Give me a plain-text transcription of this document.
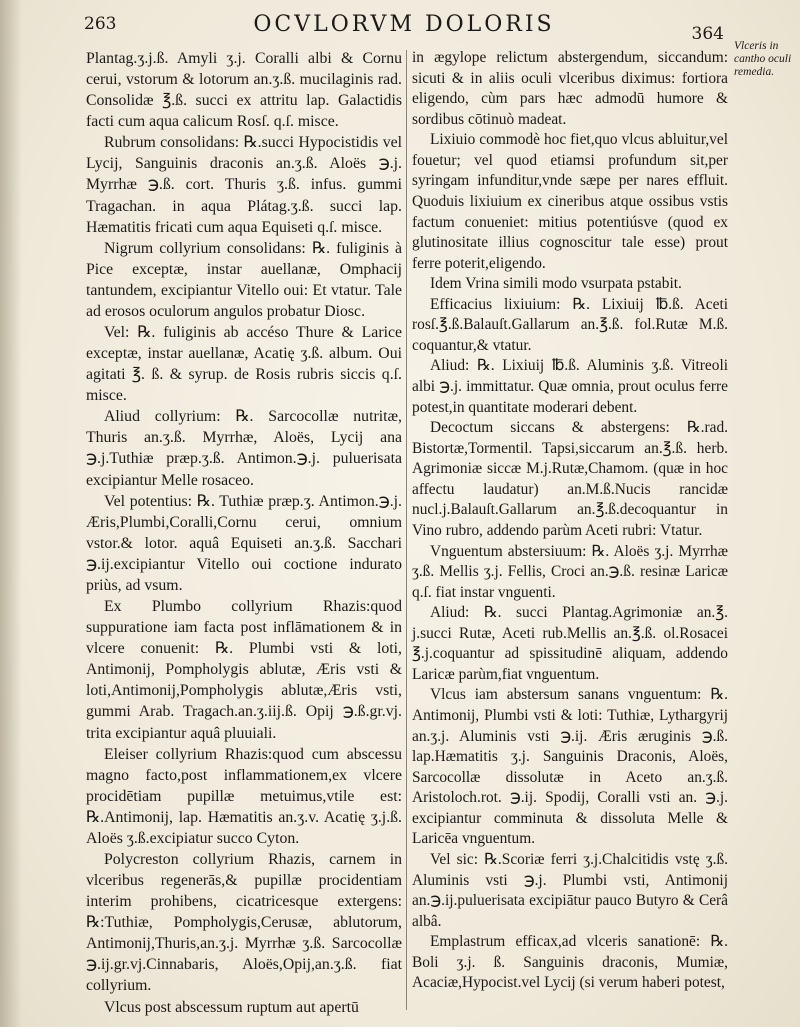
263	OCVLORVM DOLORIS	364

Plantag.ʒ.j.ß. Amyli ʒ.j. Coralli albi & Cornu cerui, vstorum & lotorum an.ʒ.ß. mucilaginis rad. Consolidæ ℥.ß. succi ex attritu lap. Galactidis facti cum aqua calicum Rosſ. q.ſ. misce.

Rubrum consolidans: ℞.succi Hypocistidis vel Lycij, Sanguinis draconis an.ʒ.ß. Aloës ℈.j. Myrrhæ ℈.ß. cort. Thuris ʒ.ß. infus. gummi Tragachan. in aqua Plátag.ʒ.ß. succi lap. Hæmatitis fricati cum aqua Equiseti q.ſ. misce.

Nigrum collyrium consolidans: ℞. fuliginis à Pice exceptæ, instar auellanæ, Omphacij tantundem, excipiantur Vitello oui: Et vtatur. Tale ad erosos oculorum angulos probatur Diosc.

Vel: ℞. fuliginis ab accéso Thure & Larice exceptæ, instar auellanæ, Acatię ʒ.ß. album. Oui agitati ℥. ß. & syrup. de Rosis rubris siccis q.ſ. misce.

Aliud collyrium: ℞. Sarcocollæ nutritæ, Thuris an.ʒ.ß. Myrrhæ, Aloës, Lycij ana ℈.j.Tuthiæ præp.ʒ.ß. Antimon.℈.j. puluerisata excipiantur Melle rosaceo.

Vel potentius: ℞. Tuthiæ præp.ʒ. Antimon.℈.j. Æris,Plumbi,Coralli,Cornu cerui, omnium vstor.& lotor. aquâ Equiseti an.ʒ.ß. Sacchari ℈.ij.excipiantur Vitello oui coctione indurato priùs, ad vsum.

Ex Plumbo collyrium Rhazis:quod suppuratione iam facta post inflāmationem & in vlcere conuenit: ℞. Plumbi vsti & loti, Antimonij, Pompholygis ablutæ, Æris vsti & loti,Antimonij,Pompholygis ablutæ,Æris vsti, gummi Arab. Tragach.an.ʒ.iij.ß. Opij ℈.ß.gr.vj. trita excipiantur aquâ pluuiali.

Eleiser collyrium Rhazis:quod cum abscessu magno facto,post inflammationem,ex vlcere procidētiam pupillæ metuimus,vtile est: ℞.Antimonij, lap. Hæmatitis an.ʒ.v. Acatię ʒ.j.ß. Aloës ʒ.ß.excipiatur succo Cyton.

Polycreston collyrium Rhazis, carnem in vlceribus regenerās,& pupillæ procidentiam interim prohibens, cicatricesque extergens: ℞:Tuthiæ, Pompholygis,Cerusæ, ablutorum, Antimonij,Thuris,an.ʒ.j. Myrrhæ ʒ.ß. Sarcocollæ ℈.ij.gr.vj.Cinnabaris, Aloës,Opij,an.ʒ.ß. fiat collyrium.

Vlcus post abscessum ruptum aut apertū

in ægylope relictum abstergendum, siccandum: sicuti & in aliis oculi vlceribus diximus: fortiora eligendo, cùm pars hæc admodū humore & sordibus cōtinuò madeat.

Lixiuio commodè hoc fiet,quo vlcus abluitur,vel fouetur; vel quod etiamsi profundum sit,per syringam infunditur,vnde sæpe per nares effluit. Quoduis lixiuium ex cineribus atque ossibus vstis factum conueniet: mitius potentiúsve (quod ex glutinositate illius cognoscitur tale esse) prout ferre poterit,eligendo.

Idem Vrina simili modo vsurpata pstabit.

Efficacius lixiuium: ℞. Lixiuij ℔.ß. Aceti rosſ.℥.ß.Balauſt.Gallarum an.℥.ß. fol.Rutæ M.ß. coquantur,& vtatur.

Aliud: ℞. Lixiuij ℔.ß. Aluminis ʒ.ß. Vitreoli albi ℈.j. immittatur. Quæ omnia, prout oculus ferre potest,in quantitate moderari debent.

Decoctum siccans & abstergens: ℞.rad. Bistortæ,Tormentil. Tapsi,siccarum an.℥.ß. herb. Agrimoniæ siccæ M.j.Rutæ,Chamom. (quæ in hoc affectu laudatur) an.M.ß.Nucis rancidæ nucl.j.Balauſt.Gallarum an.℥.ß.decoquantur in Vino rubro, addendo parùm Aceti rubri: Vtatur.

Vnguentum abstersiuum: ℞. Aloës ʒ.j. Myrrhæ ʒ.ß. Mellis ʒ.j. Fellis, Croci an.℈.ß. resinæ Laricæ q.ſ. fiat instar vnguenti.

Aliud: ℞. succi Plantag.Agrimoniæ an.℥. j.succi Rutæ, Aceti rub.Mellis an.℥.ß. ol.Rosacei ℥.j.coquantur ad spissitudinē aliquam, addendo Laricæ parùm,fiat vnguentum.

Vlcus iam abstersum sanans vnguentum: ℞. Antimonij, Plumbi vsti & loti: Tuthiæ, Lythargyrij an.ʒ.j. Aluminis vsti ℈.ij. Æris æruginis ℈.ß. lap.Hæmatitis ʒ.j. Sanguinis Draconis, Aloës, Sarcocollæ dissolutæ in Aceto an.ʒ.ß. Aristoloch.rot. ℈.ij. Spodij, Coralli vsti an. ℈.j. excipiantur comminuta & dissoluta Melle & Laricēa vnguentum.

Vel sic: ℞.Scoriæ ferri ʒ.j.Chalcitidis vstę ʒ.ß. Aluminis vsti ℈.j. Plumbi vsti, Antimonij an.℈.ij.puluerisata excipiātur pauco Butyro & Cerâ albâ.

Emplastrum efficax,ad vlceris sanationē: ℞. Boli ʒ.j. ß. Sanguinis draconis, Mumiæ, Acaciæ,Hypocist.vel Lycij (si verum haberi potest,

Vlceris in cantho oculi remedia.
